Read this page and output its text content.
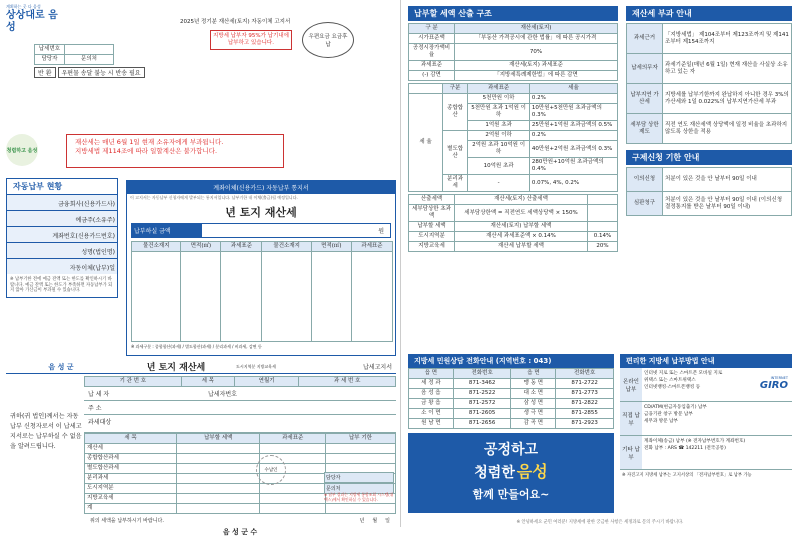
계획하는 곳 다 음성
상상대로 음성
납세번호	
담당자	문의처
반 환	우편물 송달 불능 시 반송 필요
2025년 정기분 재산세(토지) 자동이체 고지서
지방세 납부자 95%가 납기내에 납부하고 있습니다.
우편요금 요금후납
청렴하고 음성
재산세는 매년 6월 1일 현재 소유자에게 부과됩니다.
지방세법 제114조에 따라 일할계산은 불가합니다.
자동납부 현황
금융회사(신용카드사)
예금주(소유주)
계좌번호(신용카드번호)
성명(법인명)
자동이체(납부)일
※ 납부기한 전에 예금 잔액 또는 한도를 확인하시기 바랍니다. 예금 잔액 또는 한도가 부족하면 자동납부가 되지 않아 가산금이 부과될 수 있습니다.
계좌이체(신용카드) 자동납부 통지서
이 고지서는 자동납부 신청자에게 발부되는 통지서입니다. 납부기한 내 이체(출금)될 예정입니다.
년 토지 재산세
납부하실 금액	원
물건소재지	면적(㎡)	과세표준	물건소재지	면적(㎡)	과세표준

※ 과세구분 : 종합합산(과세) / 별도합산(과세) / 분리과세 / 비과세, 감면 등
음 성 군	년 토지 재산세	도시지역분 지방교육세	납세고지서
귀하(귀 법인)께서는 자동납부 신청자로서 이 납세고지서로는 납부하실 수 없음을 알려드립니다.
기 관 번 호	세 목	연월기	과 세 번 호
납 세 자	납세자번호
주 소
과세대상
세 목	납부할 세액	과세표준	납부 기한
재산세			
종합합산과세			
별도합산과세			
분리과세			
도시지역분			
지방교육세			
계			
위의 세액을 납부하시기 바랍니다.	년 월 일
음 성 군 수
수납인
담당자
문의처
※ 납부 결과는 지방세 통합조회 시스템(위택스)에서 확인하실 수 있습니다.
납부할 세액 산출 구조
구 분	재산세(토지)
시가표준액	「부동산 가격공시에 관한 법률」에 따른 공시가격
공정시장가액비율	70%
과세표준	재산세(토지) 과세표준
(-) 감면	「지방세특례제한법」에 따른 감면
	구분	과세표준	세율
세 율	종합합산	5천만원 이하	0.2%
		5천만원 초과 1억원 이하	10만원+5천만원 초과금액의 0.3%
		1억원 초과	25만원+1억원 초과금액의 0.5%
	별도합산	2억원 이하	0.2%
		2억원 초과 10억원 이하	40만원+2억원 초과금액의 0.3%
		10억원 초과	280만원+10억원 초과금액의 0.4%
	분리과세	-	0.07%, 4%, 0.2%
산출세액	재산세(토지) 산출세액	
세부담상한 초과액	세부담상한액 = 직전연도 세액상당액 × 150%	
납부할 세액	재산세(토지) 납부할 세액	
도시지역분	재산세 과세표준액 × 0.14%	0.14%
지방교육세	재산세 납부할 세액	20%
재산세 부과 안내
과세근거	「지방세법」 제104조부터 제123조까지 및 제141조부터 제154조까지
납세의무자	과세기준일(매년 6월 1일) 현재 재산을 사실상 소유하고 있는 자
납부지연 가산세	지방세를 납부기한까지 완납하지 아니한 경우 3%의 가산세와 1일 0.022%의 납부지연가산세 부과
세부담 상한제도	직전 연도 재산세액 상당액에 일정 비율을 초과하지 않도록 상한을 적용
구제신청 기한 안내
이의신청	처분이 있은 것을 안 날부터 90일 이내
심판청구	처분이 있은 것을 안 날부터 90일 이내 (이의신청 결정통지를 받은 날부터 90일 이내)
지방세 민원상담 전화안내 (지역번호 : 043)
읍 면	전화번호	읍 면	전화번호
세 정 과	871-3462	맹 동 면	871-2722
음 성 읍	871-2522	대 소 면	871-2773
금 왕 읍	871-2572	삼 성 면	871-2822
소 이 면	871-2605	생 극 면	871-2855
원 남 면	871-2656	감 곡 면	871-2923
공정하고
청렴한 음성
함께 만들어요~
편리한 지방세 납부방법 안내
온라인 납부
인터넷 지로 또는 스마트폰 모바일 지로
위택스 또는 스마트위택스
인터넷뱅킹·스마트폰뱅킹 등
직접 납부
CD/ATM(현금자동입출기) 납부
금융기관 창구 방문 납부
세무과 방문 납부
기타 납부
계좌이체(송금) 납부 (※ 전자납부번호가 계좌번호)
전화 납부 : ARS ☎ 142211 (전국공통)
※ 자진고지 지방세 납부는 고지서상의 「전자납부번호」로 납부 가능
INTERNET
GIRO
※ 안녕하세요 군민 여러분! 지방세에 관한 궁금한 사항은 세정과로 문의 주시기 바랍니다.
